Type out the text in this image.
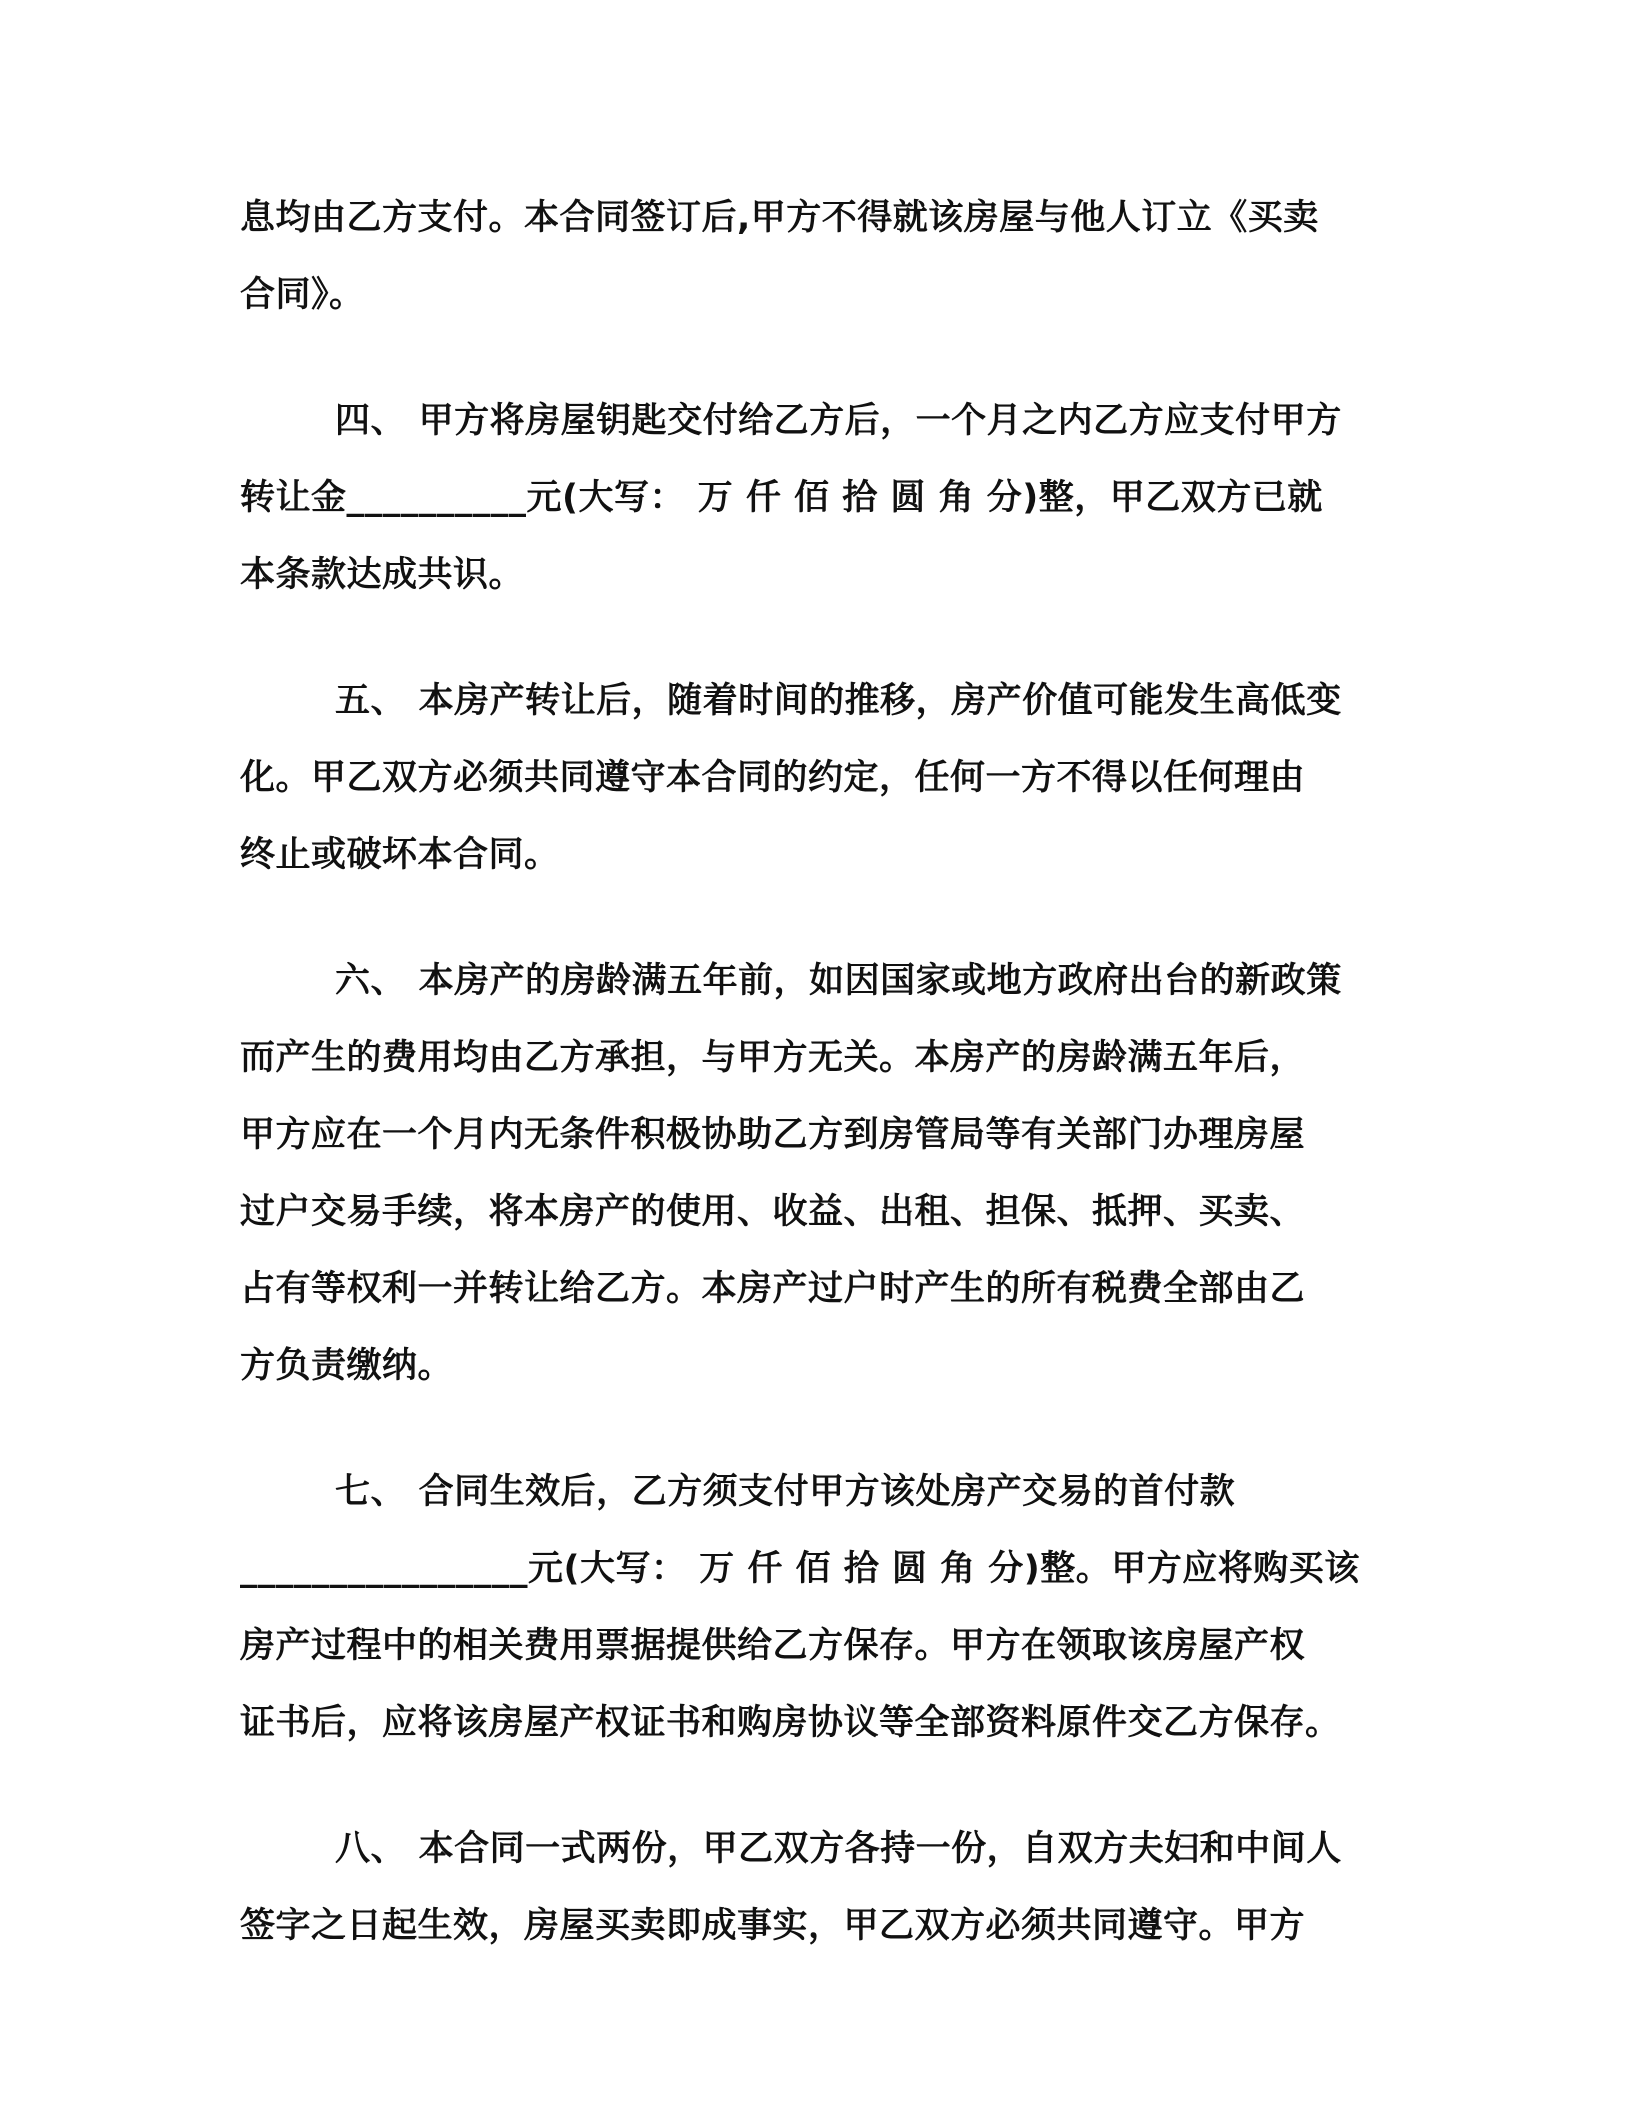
息均由乙方支付。本合同签订后,甲方不得就该房屋与他人订立《买卖
合同》。
四、 甲方将房屋钥匙交付给乙方后，一个月之内乙方应支付甲方
转让金__________元(大写： 万 仟 佰 拾 圆 角 分)整，甲乙双方已就
本条款达成共识。
五、 本房产转让后，随着时间的推移，房产价值可能发生高低变
化。甲乙双方必须共同遵守本合同的约定，任何一方不得以任何理由
终止或破坏本合同。
六、 本房产的房龄满五年前，如因国家或地方政府出台的新政策
而产生的费用均由乙方承担，与甲方无关。本房产的房龄满五年后，
甲方应在一个月内无条件积极协助乙方到房管局等有关部门办理房屋
过户交易手续，将本房产的使用、收益、出租、担保、抵押、买卖、
占有等权利一并转让给乙方。本房产过户时产生的所有税费全部由乙
方负责缴纳。
七、 合同生效后，乙方须支付甲方该处房产交易的首付款
________________元(大写： 万 仟 佰 拾 圆 角 分)整。甲方应将购买该
房产过程中的相关费用票据提供给乙方保存。甲方在领取该房屋产权
证书后，应将该房屋产权证书和购房协议等全部资料原件交乙方保存。
八、 本合同一式两份，甲乙双方各持一份，自双方夫妇和中间人
签字之日起生效，房屋买卖即成事实，甲乙双方必须共同遵守。甲方
